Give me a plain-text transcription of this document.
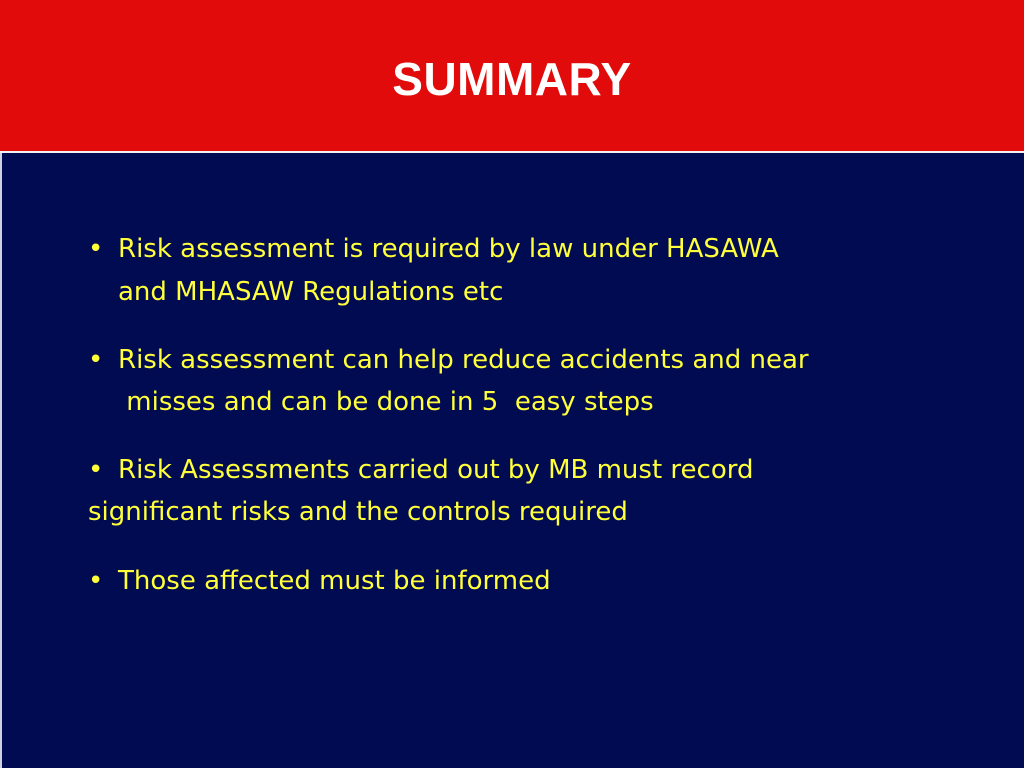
SUMMARY
• Risk assessment is required by law under HASAWA
and MHASAW Regulations etc
• Risk assessment can help reduce accidents and near
misses and can be done in 5  easy steps
• Risk Assessments carried out by MB must record
significant risks and the controls required
• Those affected must be informed
